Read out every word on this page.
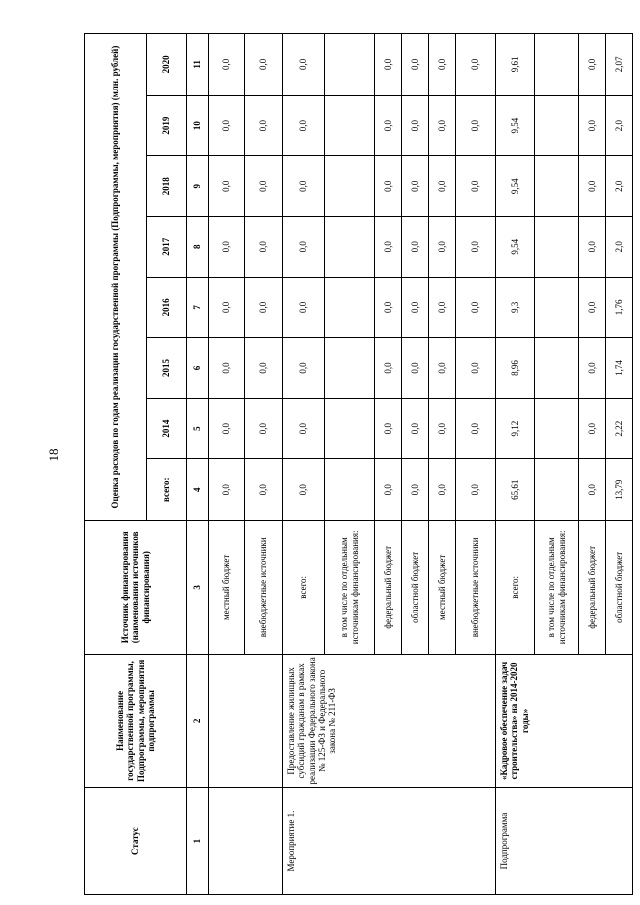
18
Статус	Наименование государственной программы, Подпрограммы, мероприятия подпрограммы	Источник финансирования (наименования источников финансирования)	Оценка расходов по годам реализации государственной программы (Подпрограммы, мероприятия) (млн. рублей)							
			всего:	2014	2015	2016	2017	2018	2019	2020
1	2	3	4	5	6	7	8	9	10	11
		местный бюджет	0,0	0,0	0,0	0,0	0,0	0,0	0,0	0,0
		внебюджетные источники	0,0	0,0	0,0	0,0	0,0	0,0	0,0	0,0
Мероприятие 1.	Предоставление жилищных субсидий гражданам в рамках реализации Федерального закона № 125-ФЗ и Федерального закона № 211-ФЗ	всего:	0,0	0,0	0,0	0,0	0,0	0,0	0,0	0,0
		в том числе по отдельным источникам финансирования:								
		федеральный бюджет	0,0	0,0	0,0	0,0	0,0	0,0	0,0	0,0
		областной бюджет	0,0	0,0	0,0	0,0	0,0	0,0	0,0	0,0
		местный бюджет	0,0	0,0	0,0	0,0	0,0	0,0	0,0	0,0
		внебюджетные источники	0,0	0,0	0,0	0,0	0,0	0,0	0,0	0,0
Подпрограмма	«Кадровое обеспечение задач строительства» на 2014-2020 годы»	всего:	65,61	9,12	8,96	9,3	9,54	9,54	9,54	9,61
		в том числе по отдельным источникам финансирования:								
		федеральный бюджет	0,0	0,0	0,0	0,0	0,0	0,0	0,0	0,0
		областной бюджет	13,79	2,22	1,74	1,76	2,0	2,0	2,0	2,07
